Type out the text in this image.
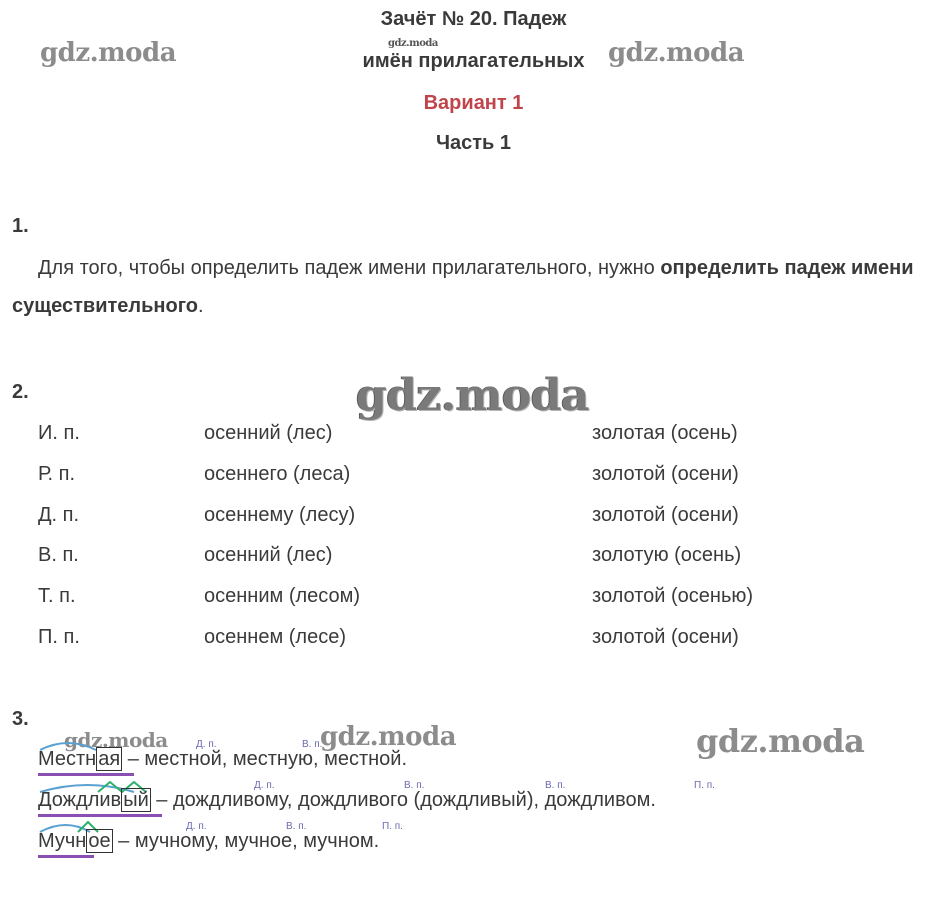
Зачёт № 20. Падеж
имён прилагательных
Вариант 1
Часть 1
gdz.moda	gdz.moda	gdz.moda
gdz.moda
gdz.moda	gdz.moda
gdz.moda
1.
Для того, чтобы определить падеж имени прилагательного, нужно определить падеж имени существительного.
2.
И. п.	осенний (лес)	золотая (осень)
Р. п.	осеннего (леса)	золотой (осени)
Д. п.	осеннему (лесу)	золотой (осени)
В. п.	осенний (лес)	золотую (осень)
Т. п.	осенним (лесом)	золотой (осенью)
П. п.	осеннем (лесе)	золотой (осени)
3.
Д. п.	В. п.
Местн ая – местной, местную, местной.
Д. п.	В. п.	В. п.	П. п.
Дождлив ый – дождливому, дождливого (дождливый), дождливом.
Д. п.	В. п.	П. п.
Мучн ое – мучному, мучное, мучном.
